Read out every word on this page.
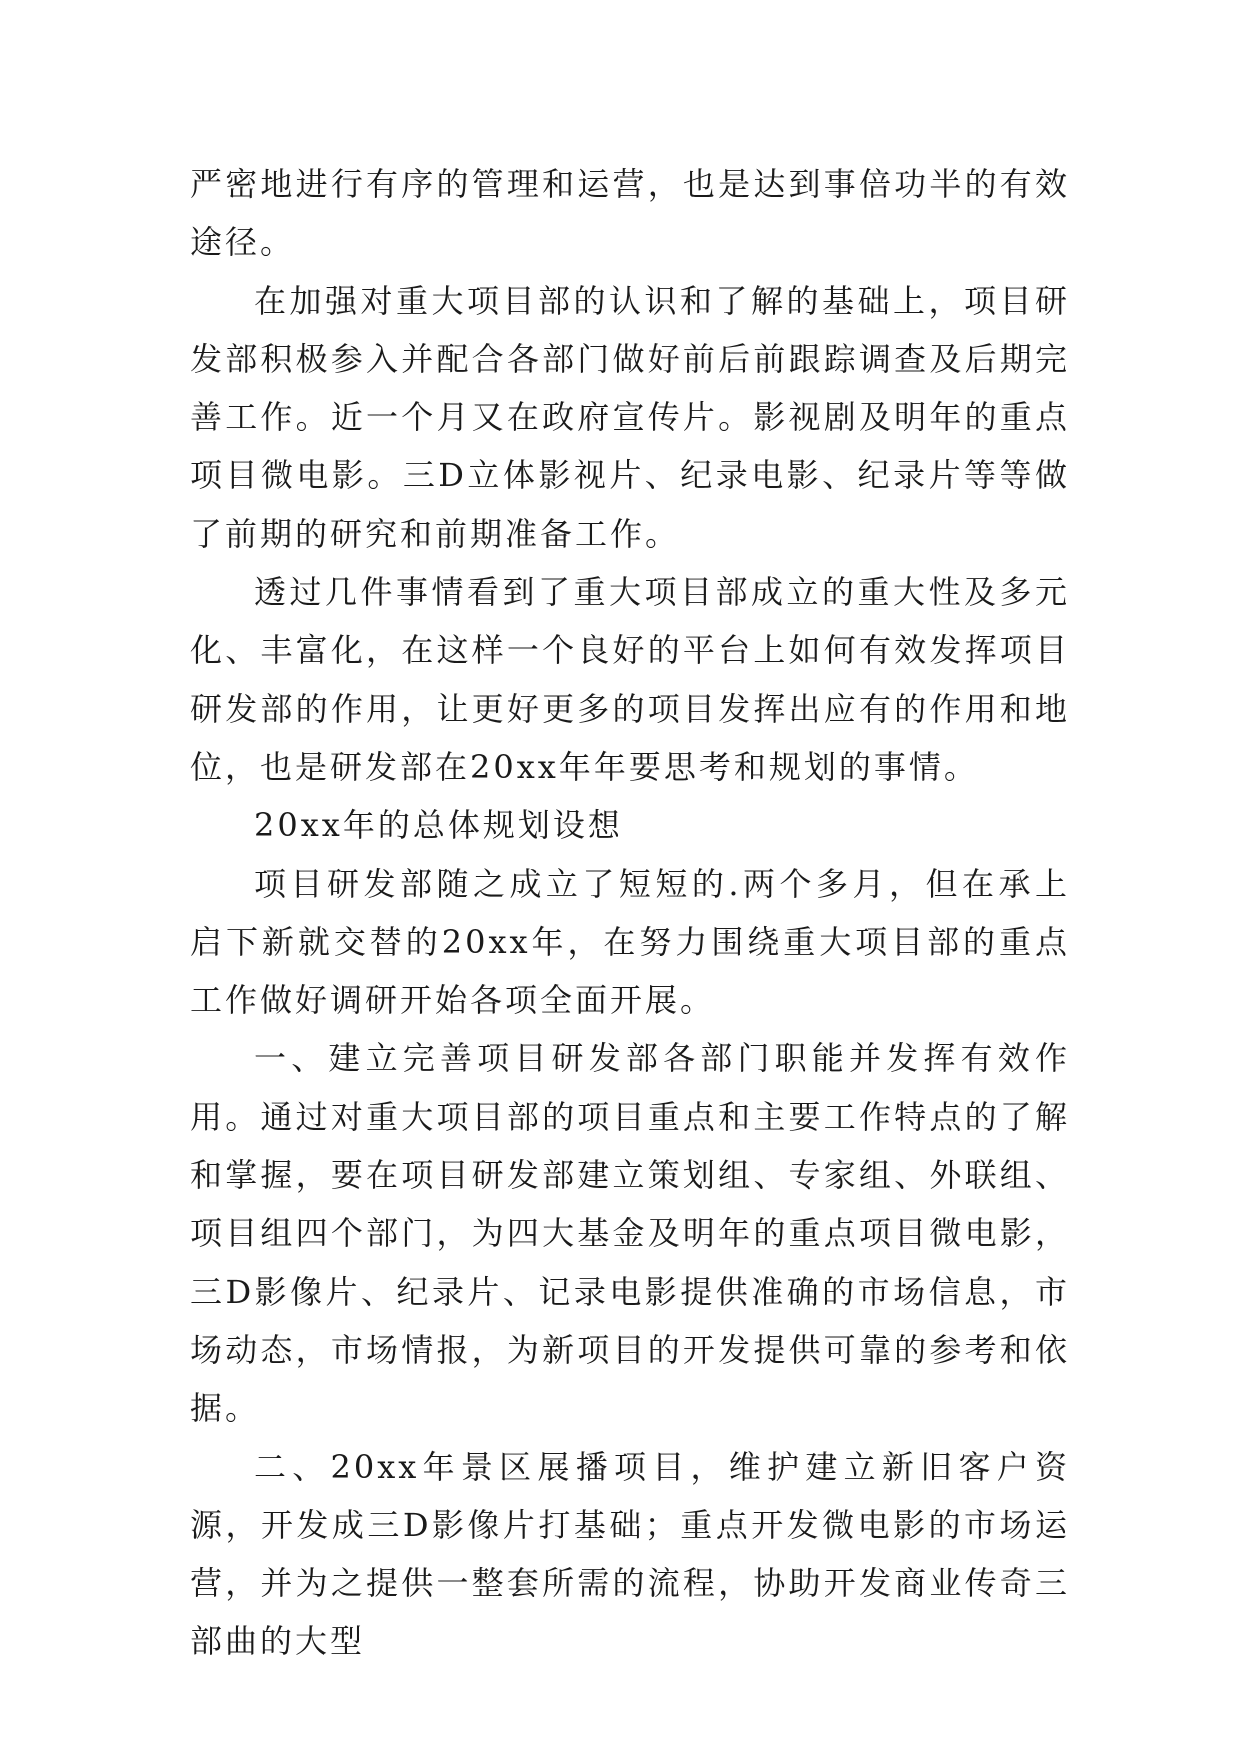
严密地进行有序的管理和运营，也是达到事倍功半的有效途径。

在加强对重大项目部的认识和了解的基础上，项目研发部积极参入并配合各部门做好前后前跟踪调查及后期完善工作。近一个月又在政府宣传片。影视剧及明年的重点项目微电影。三D立体影视片、纪录电影、纪录片等等做了前期的研究和前期准备工作。

透过几件事情看到了重大项目部成立的重大性及多元化、丰富化，在这样一个良好的平台上如何有效发挥项目研发部的作用，让更好更多的项目发挥出应有的作用和地位，也是研发部在20xx年年要思考和规划的事情。

20xx年的总体规划设想

项目研发部随之成立了短短的.两个多月，但在承上启下新就交替的20xx年，在努力围绕重大项目部的重点工作做好调研开始各项全面开展。

一、建立完善项目研发部各部门职能并发挥有效作用。通过对重大项目部的项目重点和主要工作特点的了解和掌握，要在项目研发部建立策划组、专家组、外联组、项目组四个部门，为四大基金及明年的重点项目微电影，三D影像片、纪录片、记录电影提供准确的市场信息，市场动态，市场情报，为新项目的开发提供可靠的参考和依据。

二、20xx年景区展播项目，维护建立新旧客户资源，开发成三D影像片打基础；重点开发微电影的市场运营，并为之提供一整套所需的流程，协助开发商业传奇三部曲的大型
